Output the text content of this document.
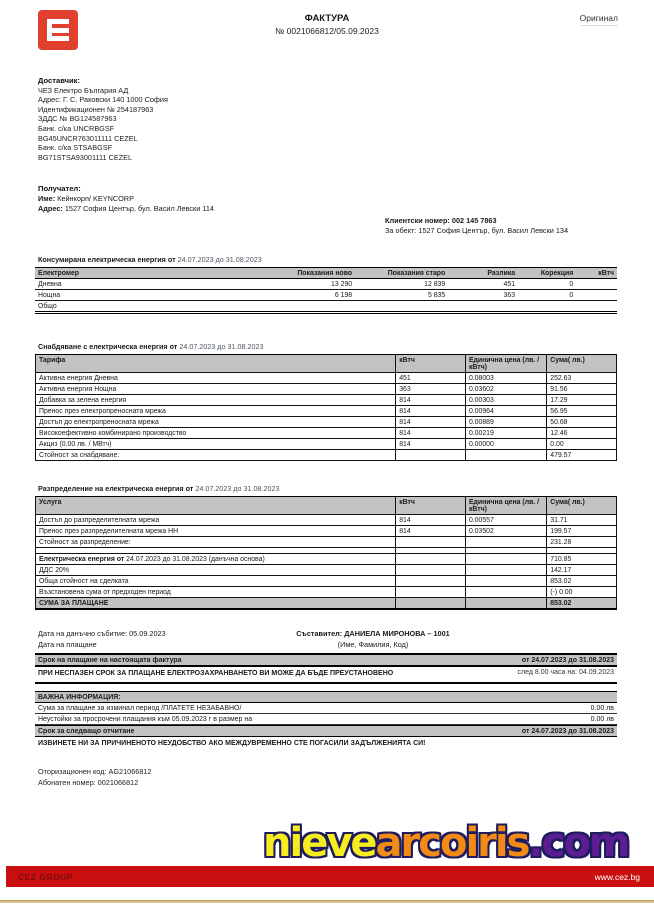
ФАКТУРА
№ 0021066812/05.09.2023
Оригинал
Доставчик:
ЧЕЗ Електро България АД
Адрес: Г. С. Раковски 140 1000 София
Идентификационен № 254187963
ЗДДС № BG124587963
Банк. с/ка UNCRBGSF
BG45UNCR763011111 CEZEL
Банк. с/ка STSABGSF
BG71STSA93001111 CEZEL
Получател:
Име: Кейнкорп/ KEYNCORP
Адрес: 1527 София Център, бул. Васил Левски 114
Клиентски номер: 002 145 7863
За обект: 1527 София Център, бул. Васил Левски 134
Консумирана електрическа енергия от 24.07.2023 до 31.08.2023
Електромер	Показания ново	Показания старо	Разлика	Корекция	кВтч
Дневна	13 290	12 839	451	0	
Нощна	6 198	5 835	363	0	
Общо					
Снабдяване с електрическа енергия от 24.07.2023 до 31.08.2023
Тарифа	кВтч	Единична цена (лв. / кВтч)	Сума( лв.)
Активна енергия Дневна	451	0.08003	252.63
Активна енергия Нощна	363	0.03602	91.56
Добавка за зелена енергия	814	0.00303	17.29
Пренос през електропреносната мрежа	814	0.00964	56.95
Достъп до електропреносната мрежа	814	0.00889	50.68
Високоефективно комбинирано производство	814	0.00219	12.46
Акциз (0.00 лв. / МВтч)	814	0.00000	0.00
Стойност за снабдяване:			479.57
Разпределение на електрическа енергия от 24.07.2023 до 31.08.2023
Услуга	кВтч	Единична цена (лв. / кВтч)	Сума( лв.)
Достъп до разпределителната мрежа	814	0.00557	31.71
Пренос през разпределителната мрежа НН	814	0.03502	199.57
Стойност за разпределение:			231.28

Електрическа енергия от 24.07.2023 до 31.08.2023 (данъчна основа)			710.85
ДДС 20%			142.17
Обща стойност на сделката			853.02
Възстановена сума от предходен период			(-) 0.00
СУМА ЗА ПЛАЩАНЕ			853.02
Дата на данъчно събитие: 05.09.2023
Дата на плащане
Съставител: ДАНИЕЛА МИРОНОВА – 1001
(Име, Фамилия, Код)
Срок на плащане на настоящата фактура	от 24.07.2023 до 31.08.2023
ПРИ НЕСПАЗЕН СРОК ЗА ПЛАЩАНЕ ЕЛЕКТРОЗАХРАНВАНЕТО ВИ МОЖЕ ДА БЪДЕ ПРЕУСТАНОВЕНО	след 8.00 часа на: 04.09.2023
ВАЖНА ИНФОРМАЦИЯ:
Сума за плащане за изминал период /ПЛАТЕТЕ НЕЗАБАВНО/	0.00 лв
Неустойки за просрочени плащания към 05.09.2023 г в размер на	0.00 лв
Срок за следващо отчитане	от 24.07.2023 до 31.08.2023
ИЗВИНЕТЕ НИ ЗА ПРИЧИНЕНОТО НЕУДОБСТВО АКО МЕЖДУВРЕМЕННО СТЕ ПОГАСИЛИ ЗАДЪЛЖЕНИЯТА СИ!
Оторизационен код: AG21066812
Абонатен номер: 0021066812
nievearcoiris.com
CEZ GROUP	www.cez.bg
